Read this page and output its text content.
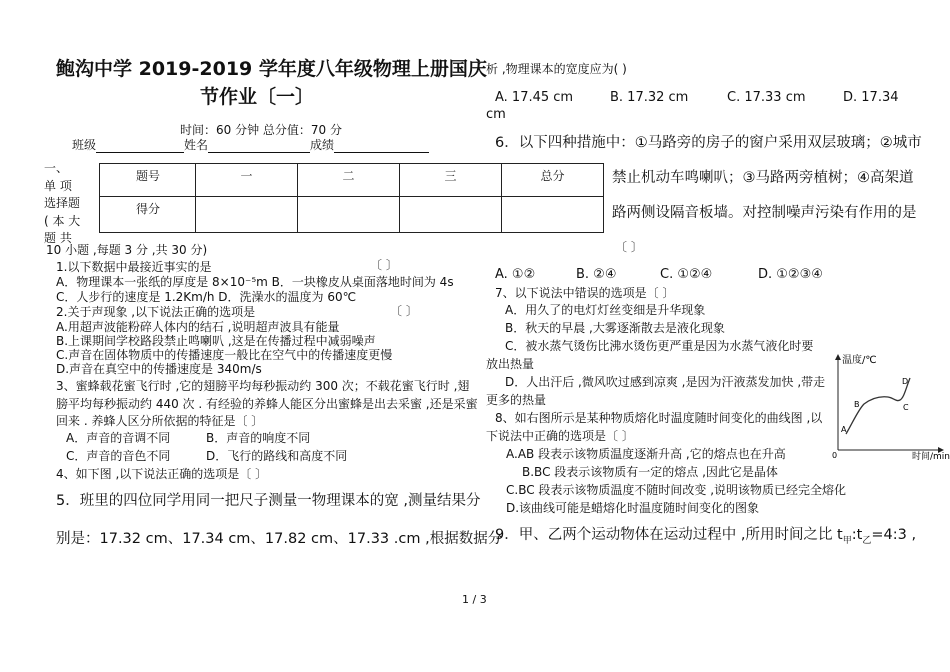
鲍沟中学 2019-2019 学年度八年级物理上册国庆
节作业〔一〕
时间：60 分钟 总分值：70 分
班级	姓名	成绩
一、
单 项
选择题
( 本 大
题 共
题号	一	二	三	总分
得分				
10 小题 ,每题 3 分 ,共 30 分)
1.以下数据中最接近事实的是	〔 〕
A．物理课本一张纸的厚度是 8×10⁻⁵m B．一块橡皮从桌面落地时间为 4s
C．人步行的速度是 1.2Km/h D．洗澡水的温度为 60℃
2.关于声现象 ,以下说法正确的选项是	〔 〕
A.用超声波能粉碎人体内的结石 ,说明超声波具有能量
B.上课期间学校路段禁止鸣喇叭 ,这是在传播过程中减弱噪声
C.声音在固体物质中的传播速度一般比在空气中的传播速度更慢
D.声音在真空中的传播速度是 340m/s
3、蜜蜂载花蜜飞行时 ,它的翅膀平均每秒振动约 300 次；不载花蜜飞行时 ,翅
膀平均每秒振动约 440 次 . 有经验的养蜂人能区分出蜜蜂是出去采蜜 ,还是采蜜
回来 . 养蜂人区分所依据的特征是〔 〕
A．声音的音调不同	B．声音的响度不同
C．声音的音色不同	D．飞行的路线和高度不同
4、如下图 ,以下说法正确的选项是〔 〕
5．班里的四位同学用同一把尺子测量一物理课本的宽 ,测量结果分
别是：17.32 cm、17.34 cm、17.82 cm、17.33 .cm ,根据数据分
析 ,物理课本的宽度应为( )
A. 17.45 cm	B. 17.32 cm	C. 17.33 cm	D. 17.34
cm
6．以下四种措施中：①马路旁的房子的窗户采用双层玻璃；②城市
禁止机动车鸣喇叭；③马路两旁植树；④高架道
路两侧设隔音板墙。对控制噪声污染有作用的是
〔 〕
A. ①②	B. ②④	C. ①②④	D. ①②③④
7、以下说法中错误的选项是〔 〕
A．用久了的电灯灯丝变细是升华现象
B．秋天的早晨 ,大雾逐渐散去是液化现象
C．被水蒸气烫伤比沸水烫伤更严重是因为水蒸气液化时要
放出热量
D．人出汗后 ,微风吹过感到凉爽 ,是因为汗液蒸发加快 ,带走
更多的热量
8、如右图所示是某种物质熔化时温度随时间变化的曲线图 ,以
下说法中正确的选项是〔 〕
A.AB 段表示该物质温度逐渐升高 ,它的熔点也在升高
B.BC 段表示该物质有一定的熔点 ,因此它是晶体
C.BC 段表示该物质温度不随时间改变 ,说明该物质已经完全熔化
D.该曲线可能是蜡熔化时温度随时间变化的图象
9．甲、乙两个运动物体在运动过程中 ,所用时间之比 $t_甲:t_乙=4:3$ ,
温度/℃
时间/min
0
A
B	C
D
1 / 3
